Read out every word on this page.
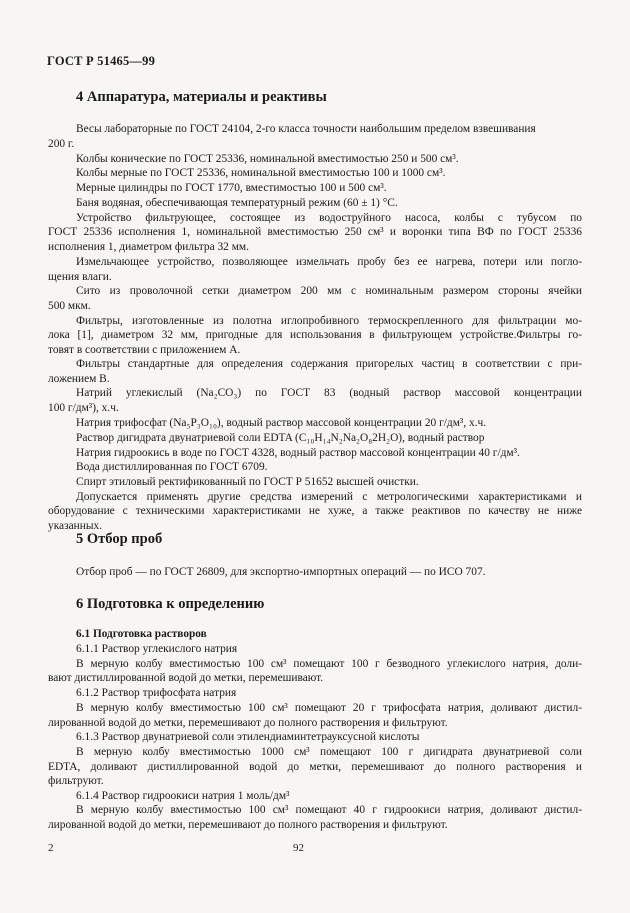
ГОСТ Р 51465—99
4 Аппаратура, материалы и реактивы
Весы лабораторные по ГОСТ 24104, 2-го класса точности наибольшим пределом взвешивания
200 г.
Колбы конические по ГОСТ 25336, номинальной вместимостью 250 и 500 см³.
Колбы мерные по ГОСТ 25336, номинальной вместимостью 100 и 1000 см³.
Мерные цилиндры по ГОСТ 1770, вместимостью 100 и 500 см³.
Баня водяная, обеспечивающая температурный режим (60 ± 1) °С.
Устройство фильтрующее, состоящее из водоструйного насоса, колбы с тубусом по
ГОСТ 25336 исполнения 1, номинальной вместимостью 250 см³ и воронки типа ВФ по ГОСТ 25336
исполнения 1, диаметром фильтра 32 мм.
Измельчающее устройство, позволяющее измельчать пробу без ее нагрева, потери или погло-
щения влаги.
Сито из проволочной сетки диаметром 200 мм с номинальным размером стороны ячейки
500 мкм.
Фильтры, изготовленные из полотна иглопробивного термоскрепленного для фильтрации мо-
лока [1], диаметром 32 мм, пригодные для использования в фильтрующем устройстве.Фильтры го-
товят в соответствии с приложением А.
Фильтры стандартные для определения содержания пригорелых частиц в соответствии с при-
ложением В.
Натрий углекислый (Na₂CO₃) по ГОСТ 83 (водный раствор массовой концентрации
100 г/дм³), х.ч.
Натрия трифосфат (Na₅P₃O₁₀), водный раствор массовой концентрации 20 г/дм³, х.ч.
Раствор дигидрата двунатриевой соли EDTA (C₁₀H₁₄N₂Na₂O₈2H₂O), водный раствор
Натрия гидроокись в воде по ГОСТ 4328, водный раствор массовой концентрации 40 г/дм³.
Вода дистиллированная по ГОСТ 6709.
Спирт этиловый ректификованный по ГОСТ Р 51652 высшей очистки.
Допускается применять другие средства измерений с метрологическими характеристиками и
оборудование с техническими характеристиками не хуже, а также реактивов по качеству не ниже
указанных.
5 Отбор проб
Отбор проб — по ГОСТ 26809, для экспортно-импортных операций — по ИСО 707.
6 Подготовка к определению
6.1 Подготовка растворов
6.1.1 Раствор углекислого натрия
В мерную колбу вместимостью 100 см³ помещают 100 г безводного углекислого натрия, доли-
вают дистиллированной водой до метки, перемешивают.
6.1.2 Раствор трифосфата натрия
В мерную колбу вместимостью 100 см³ помещают 20 г трифосфата натрия, доливают дистил-
лированной водой до метки, перемешивают до полного растворения и фильтруют.
6.1.3 Раствор двунатриевой соли этилендиаминтетрауксусной кислоты
В мерную колбу вместимостью 1000 см³ помещают 100 г дигидрата двунатриевой соли
EDTA, доливают дистиллированной водой до метки, перемешивают до полного растворения и
фильтруют.
6.1.4 Раствор гидроокиси натрия 1 моль/дм³
В мерную колбу вместимостью 100 см³ помещают 40 г гидроокиси натрия, доливают дистил-
лированной водой до метки, перемешивают до полного растворения и фильтруют.
2	92
